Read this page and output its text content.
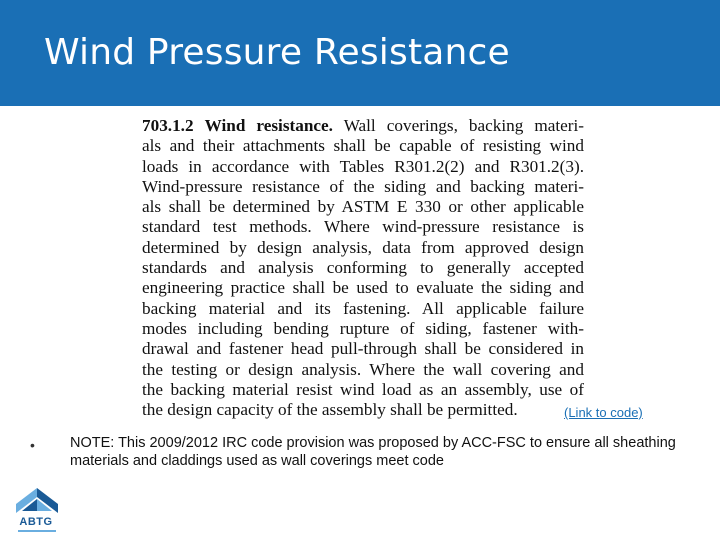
Wind Pressure Resistance
703.1.2 Wind resistance. Wall coverings, backing materi-
als and their attachments shall be capable of resisting wind
loads in accordance with Tables R301.2(2) and R301.2(3).
Wind-pressure resistance of the siding and backing materi-
als shall be determined by ASTM E 330 or other applicable
standard test methods. Where wind-pressure resistance is
determined by design analysis, data from approved design
standards and analysis conforming to generally accepted
engineering practice shall be used to evaluate the siding and
backing material and its fastening. All applicable failure
modes including bending rupture of siding, fastener with-
drawal and fastener head pull-through shall be considered in
the testing or design analysis. Where the wall covering and
the backing material resist wind load as an assembly, use of
the design capacity of the assembly shall be permitted.	(Link to code)
• NOTE: This 2009/2012 IRC code provision was proposed by ACC-FSC to ensure all sheathing materials and claddings used as wall coverings meet code
ABTG
